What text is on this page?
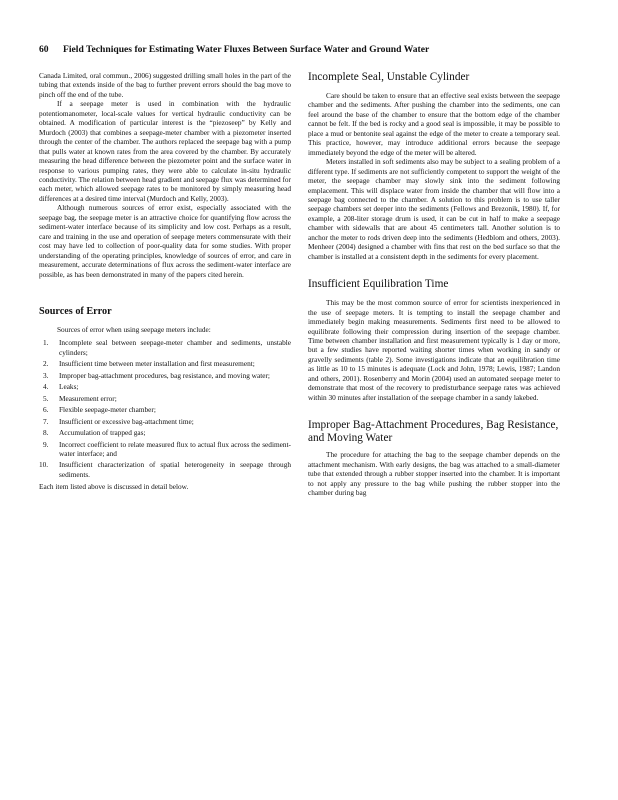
60 Field Techniques for Estimating Water Fluxes Between Surface Water and Ground Water

Canada Limited, oral commun., 2006) suggested drilling small holes in the part of the tubing that extends inside of the bag to further prevent errors should the bag move to pinch off the end of the tube.

If a seepage meter is used in combination with the hydraulic potentiomanometer, local-scale values for vertical hydraulic conductivity can be obtained. A modification of particular interest is the “piezoseep” by Kelly and Murdoch (2003) that combines a seepage-meter chamber with a piezometer inserted through the center of the chamber. The authors replaced the seepage bag with a pump that pulls water at known rates from the area covered by the chamber. By accurately measuring the head difference between the piezometer point and the surface water in response to various pumping rates, they were able to calculate in-situ hydraulic conductivity. The relation between head gradient and seepage flux was determined for each meter, which allowed seepage rates to be monitored by simply measuring head differences at a desired time interval (Murdoch and Kelly, 2003).

Although numerous sources of error exist, especially associated with the seepage bag, the seepage meter is an attractive choice for quantifying flow across the sediment-water interface because of its simplicity and low cost. Perhaps as a result, care and training in the use and operation of seepage meters commensurate with their cost may have led to collection of poor-quality data for some studies. With proper understanding of the operating principles, knowledge of sources of error, and care in measurement, accurate determinations of flux across the sediment-water interface are possible, as has been demonstrated in many of the papers cited herein.

Sources of Error

Sources of error when using seepage meters include:

1. Incomplete seal between seepage-meter chamber and sediments, unstable cylinders;
2. Insufficient time between meter installation and first measurement;
3. Improper bag-attachment procedures, bag resistance, and moving water;
4. Leaks;
5. Measurement error;
6. Flexible seepage-meter chamber;
7. Insufficient or excessive bag-attachment time;
8. Accumulation of trapped gas;
9. Incorrect coefficient to relate measured flux to actual flux across the sediment-water interface; and
10. Insufficient characterization of spatial heterogeneity in seepage through sediments.

Each item listed above is discussed in detail below.

Incomplete Seal, Unstable Cylinder

Care should be taken to ensure that an effective seal exists between the seepage chamber and the sediments. After pushing the chamber into the sediments, one can feel around the base of the chamber to ensure that the bottom edge of the chamber cannot be felt. If the bed is rocky and a good seal is impossible, it may be possible to place a mud or bentonite seal against the edge of the meter to create a temporary seal. This practice, however, may introduce additional errors because the seepage immediately beyond the edge of the meter will be altered.

Meters installed in soft sediments also may be subject to a sealing problem of a different type. If sediments are not sufficiently competent to support the weight of the meter, the seepage chamber may slowly sink into the sediment following emplacement. This will displace water from inside the chamber that will flow into a seepage bag connected to the chamber. A solution to this problem is to use taller seepage chambers set deeper into the sediments (Fellows and Brezonik, 1980). If, for example, a 208-liter storage drum is used, it can be cut in half to make a seepage chamber with sidewalls that are about 45 centimeters tall. Another solution is to anchor the meter to rods driven deep into the sediments (Hedblom and others, 2003). Menheer (2004) designed a chamber with fins that rest on the bed surface so that the chamber is installed at a consistent depth in the sediments for every placement.

Insufficient Equilibration Time

This may be the most common source of error for scientists inexperienced in the use of seepage meters. It is tempting to install the seepage chamber and immediately begin making measurements. Sediments first need to be allowed to equilibrate following their compression during insertion of the seepage chamber. Time between chamber installation and first measurement typically is 1 day or more, but a few studies have reported waiting shorter times when working in sandy or gravelly sediments (table 2). Some investigations indicate that an equilibration time as little as 10 to 15 minutes is adequate (Lock and John, 1978; Lewis, 1987; Landon and others, 2001). Rosenberry and Morin (2004) used an automated seepage meter to demonstrate that most of the recovery to predisturbance seepage rates was achieved within 30 minutes after installation of the seepage chamber in a sandy lakebed.

Improper Bag-Attachment Procedures, Bag Resistance, and Moving Water

The procedure for attaching the bag to the seepage chamber depends on the attachment mechanism. With early designs, the bag was attached to a small-diameter tube that extended through a rubber stopper inserted into the chamber. It is important to not apply any pressure to the bag while pushing the rubber stopper into the chamber during bag
